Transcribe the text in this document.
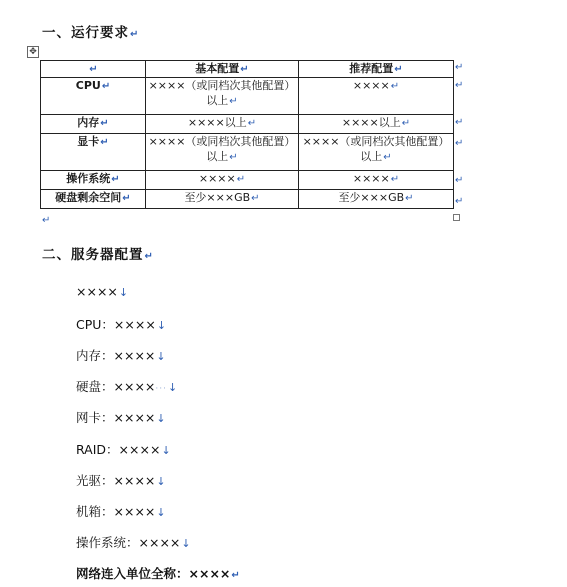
一、运行要求↵
✥
↵	基本配置↵	推荐配置↵
CPU↵	××××（或同档次其他配置）以上↵	××××↵
内存↵	××××以上↵	××××以上↵
显卡↵	××××（或同档次其他配置）以上↵	××××（或同档次其他配置）以上↵
操作系统↵	××××↵	××××↵
硬盘剩余空间↵	至少×××GB↵	至少×××GB↵
↵
↵
↵
↵
↵
↵
↵
二、服务器配置↵
××××↓
CPU：××××↓
内存：××××↓
硬盘：××××···↓
网卡：××××↓
RAID：××××↓
光驱：××××↓
机箱：××××↓
操作系统：××××↓
网络连入单位全称：××××↵
